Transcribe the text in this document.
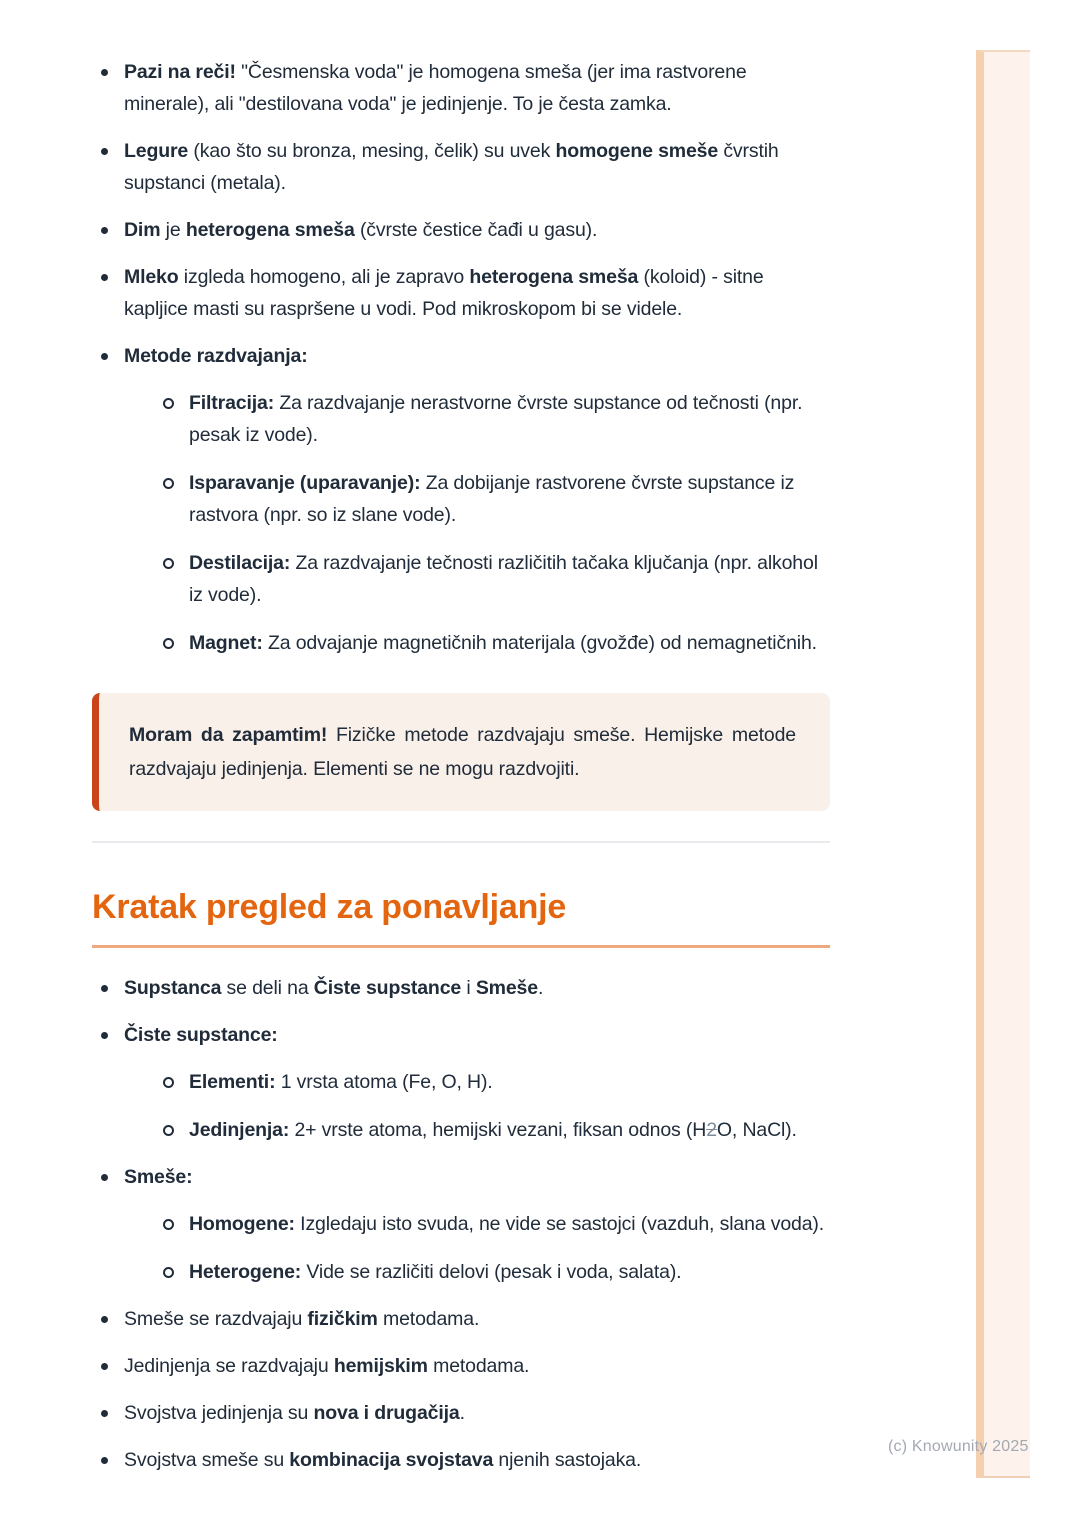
Pazi na reči! "Česmenska voda" je homogena smeša (jer ima rastvorene minerale), ali "destilovana voda" je jedinjenje. To je česta zamka.
Legure (kao što su bronza, mesing, čelik) su uvek homogene smeše čvrstih supstanci (metala).
Dim je heterogena smeša (čvrste čestice čađi u gasu).
Mleko izgleda homogeno, ali je zapravo heterogena smeša (koloid) - sitne kapljice masti su raspršene u vodi. Pod mikroskopom bi se videle.
Metode razdvajanja:
Filtracija: Za razdvajanje nerastvorne čvrste supstance od tečnosti (npr. pesak iz vode).
Isparavanje (uparavanje): Za dobijanje rastvorene čvrste supstance iz rastvora (npr. so iz slane vode).
Destilacija: Za razdvajanje tečnosti različitih tačaka ključanja (npr. alkohol iz vode).
Magnet: Za odvajanje magnetičnih materijala (gvožđe) od nemagnetičnih.

Moram da zapamtim! Fizičke metode razdvajaju smeše. Hemijske metode razdvajaju jedinjenja. Elementi se ne mogu razdvojiti.

Kratak pregled za ponavljanje
Supstanca se deli na Čiste supstance i Smeše.
Čiste supstance:
Elementi: 1 vrsta atoma (Fe, O, H).
Jedinjenja: 2+ vrste atoma, hemijski vezani, fiksan odnos (H2O, NaCl).
Smeše:
Homogene: Izgledaju isto svuda, ne vide se sastojci (vazduh, slana voda).
Heterogene: Vide se različiti delovi (pesak i voda, salata).
Smeše se razdvajaju fizičkim metodama.
Jedinjenja se razdvajaju hemijskim metodama.
Svojstva jedinjenja su nova i drugačija.
Svojstva smeše su kombinacija svojstava njenih sastojaka.
(c) Knowunity 2025
